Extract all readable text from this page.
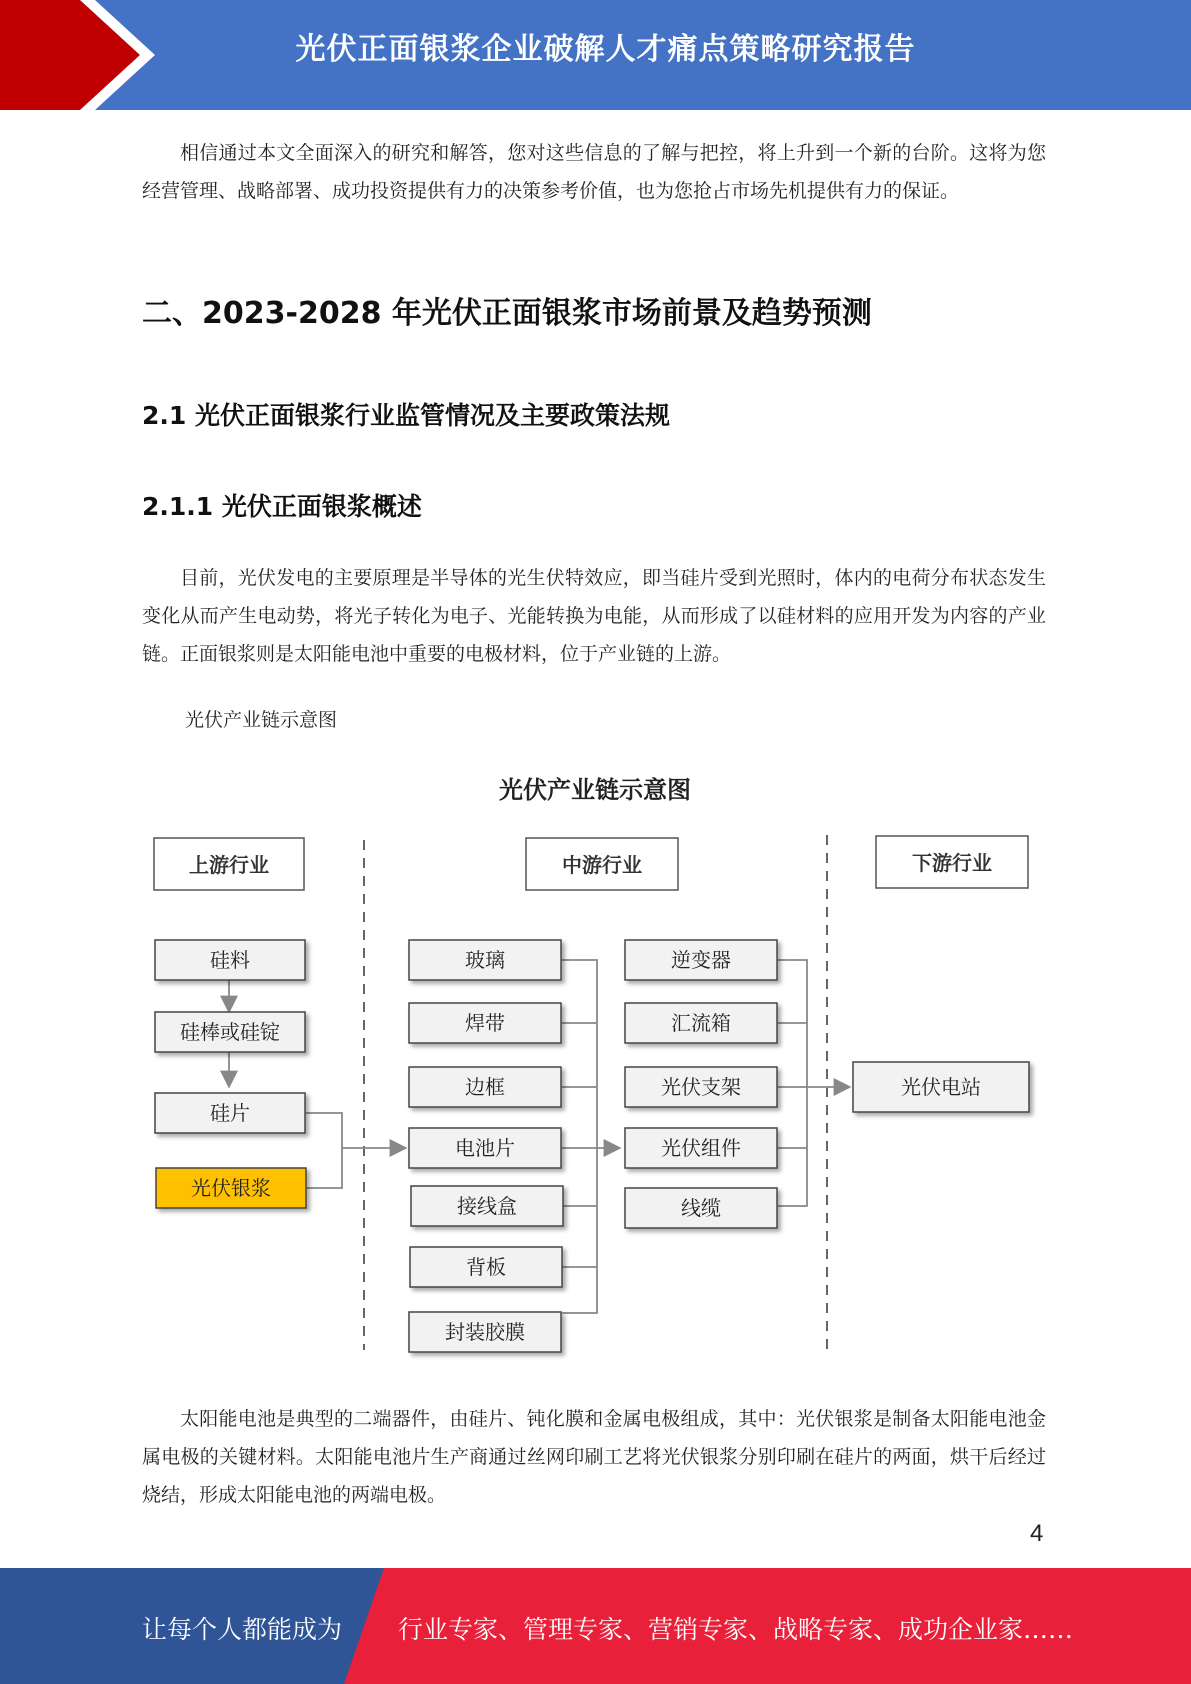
光伏正面银浆企业破解人才痛点策略研究报告

相信通过本文全面深入的研究和解答，您对这些信息的了解与把控，将上升到一个新的台阶。这将为您经营管理、战略部署、成功投资提供有力的决策参考价值，也为您抢占市场先机提供有力的保证。

二、2023-2028 年光伏正面银浆市场前景及趋势预测
2.1 光伏正面银浆行业监管情况及主要政策法规
2.1.1 光伏正面银浆概述

目前，光伏发电的主要原理是半导体的光生伏特效应，即当硅片受到光照时，体内的电荷分布状态发生变化从而产生电动势，将光子转化为电子、光能转换为电能，从而形成了以硅材料的应用开发为内容的产业链。正面银浆则是太阳能电池中重要的电极材料，位于产业链的上游。

光伏产业链示意图
光伏产业链示意图
上游行业	中游行业	下游行业
硅料
硅棒或硅锭
硅片
光伏银浆
玻璃
焊带
边框
电池片
接线盒
背板
封装胶膜
逆变器
汇流箱
光伏支架
光伏组件
线缆
光伏电站

太阳能电池是典型的二端器件，由硅片、钝化膜和金属电极组成，其中：光伏银浆是制备太阳能电池金属电极的关键材料。太阳能电池片生产商通过丝网印刷工艺将光伏银浆分别印刷在硅片的两面，烘干后经过烧结，形成太阳能电池的两端电极。

4
让每个人都能成为 行业专家、管理专家、营销专家、战略专家、成功企业家……
